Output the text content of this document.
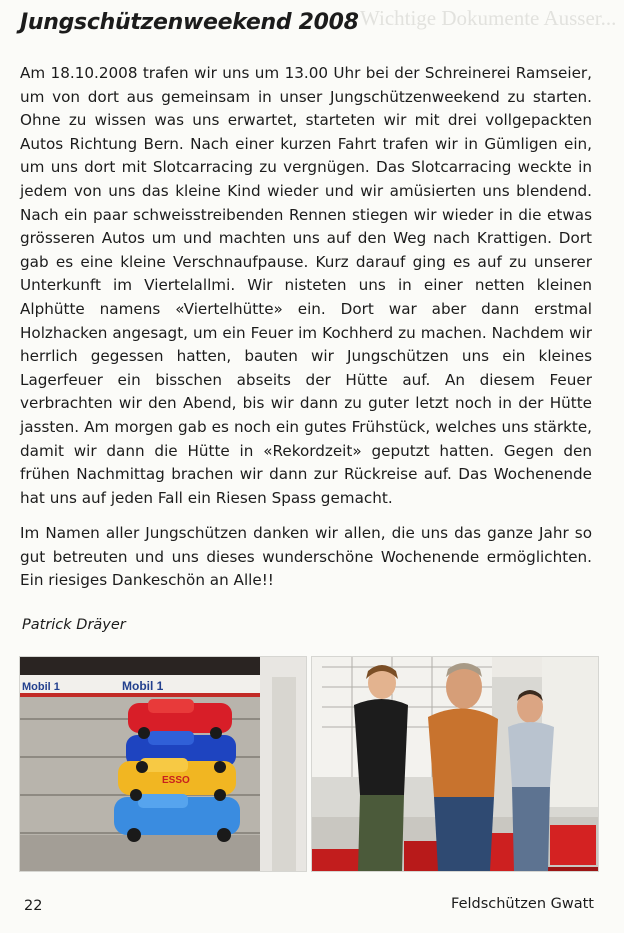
Wichtige Dokumente Ausser...
Jungschützenweekend 2008

Am 18.10.2008 trafen wir uns um 13.00 Uhr bei der Schreinerei Ramseier, um von dort aus gemeinsam in unser Jungschützenweekend zu starten. Ohne zu wissen was uns erwartet, starteten wir mit drei vollgepackten Autos Richtung Bern. Nach einer kurzen Fahrt trafen wir in Gümligen ein, um uns dort mit Slotcarracing zu vergnügen. Das Slotcarracing weckte in jedem von uns das kleine Kind wieder und wir amüsierten uns blendend. Nach ein paar schweisstreibenden Rennen stiegen wir wieder in die etwas grösseren Autos um und machten uns auf den Weg nach Krattigen. Dort gab es eine kleine Verschnaufpause. Kurz darauf ging es auf zu unserer Unterkunft im Viertelallmi. Wir nisteten uns in einer netten kleinen Alphütte namens «Viertelhütte» ein. Dort war aber dann erstmal Holzhacken angesagt, um ein Feuer im Kochherd zu machen. Nachdem wir herrlich gegessen hatten, bauten wir Jungschützen uns ein kleines Lagerfeuer ein bisschen abseits der Hütte auf. An diesem Feuer verbrachten wir den Abend, bis wir dann zu guter letzt noch in der Hütte jassten. Am morgen gab es noch ein gutes Frühstück, welches uns stärkte, damit wir dann die Hütte in «Rekordzeit» geputzt hatten. Gegen den frühen Nachmittag brachen wir dann zur Rückreise auf. Das Wochenende hat uns auf jeden Fall ein Riesen Spass gemacht.

Im Namen aller Jungschützen danken wir allen, die uns das ganze Jahr so gut betreuten und uns dieses wunderschöne Wochenende ermöglichten. Ein riesiges Dankeschön an Alle!!

Patrick Dräyer
Mobil 1	Mobil 1
ESSO
22	Feldschützen Gwatt
